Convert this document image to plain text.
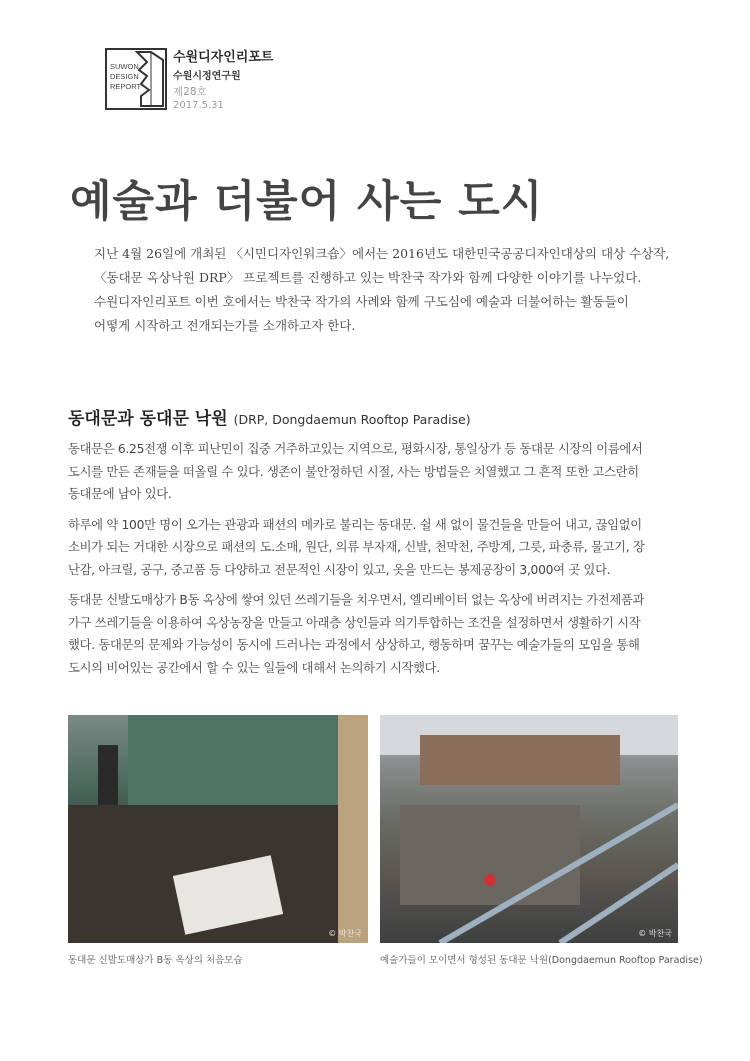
SUWON
DESIGN
REPORT
수원디자인리포트
수원시정연구원
제28호
2017.5.31
예술과 더불어 사는 도시
지난 4월 26일에 개최된 〈시민디자인워크숍〉에서는 2016년도 대한민국공공디자인대상의 대상 수상작,
〈동대문 옥상낙원 DRP〉 프로젝트를 진행하고 있는 박찬국 작가와 함께 다양한 이야기를 나누었다.
수원디자인리포트 이번 호에서는 박찬국 작가의 사례와 함께 구도심에 예술과 더불어하는 활동들이
어떻게 시작하고 전개되는가를 소개하고자 한다.
동대문과 동대문 낙원 (DRP, Dongdaemun Rooftop Paradise)
동대문은 6.25전쟁 이후 피난민이 집중 거주하고있는 지역으로, 평화시장, 통일상가 등 동대문 시장의 이름에서
도시를 만든 존재들을 떠올릴 수 있다. 생존이 불안정하던 시절, 사는 방법들은 치열했고 그 흔적 또한 고스란히
동대문에 남아 있다.
하루에 약 100만 명이 오가는 관광과 패션의 메카로 불리는 동대문. 쉴 새 없이 물건들을 만들어 내고, 끊임없이
소비가 되는 거대한 시장으로 패션의 도.소매, 원단, 의류 부자재, 신발, 천막천, 주방계, 그릇, 파충류, 물고기, 장
난감, 아크릴, 공구, 중고품 등 다양하고 전문적인 시장이 있고, 옷을 만드는 봉제공장이 3,000여 곳 있다.
동대문 신발도매상가 B동 옥상에 쌓여 있던 쓰레기들을 치우면서, 엘리베이터 없는 옥상에 버려지는 가전제품과
가구 쓰레기들을 이용하여 옥상농장을 만들고 아래층 상인들과 의기투합하는 조건을 설정하면서 생활하기 시작
했다. 동대문의 문제와 가능성이 동시에 드러나는 과정에서 상상하고, 행동하며 꿈꾸는 예술가들의 모임을 통해
도시의 비어있는 공간에서 할 수 있는 일들에 대해서 논의하기 시작했다.
© 박찬국	© 박찬국
동대문 신발도매상가 B동 옥상의 처음모습	예술가들이 모이면서 형성된 동대문 낙원(Dongdaemun Rooftop Paradise)
